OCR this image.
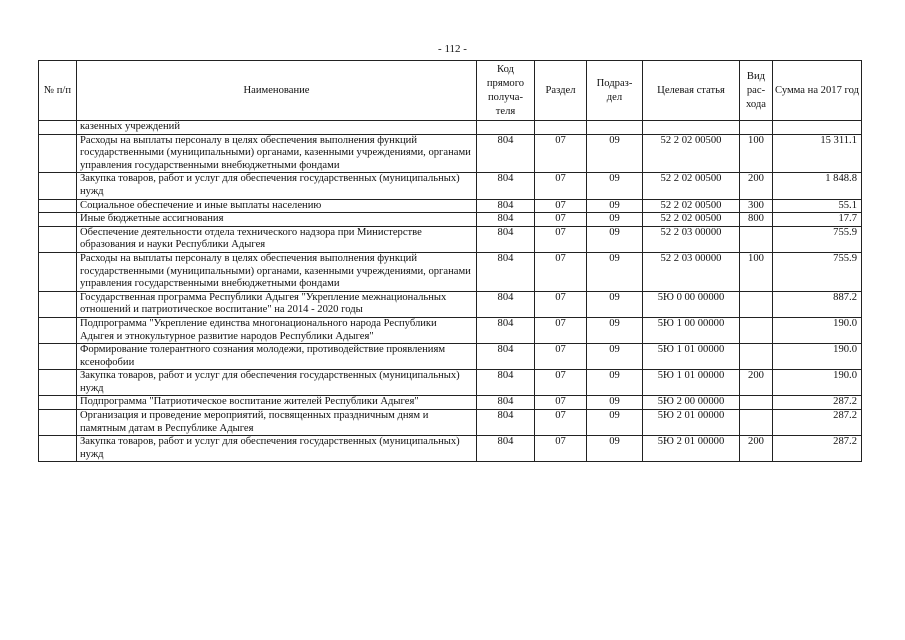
- 112 -
№ п/п	Наименование	Код прямого получа-теля	Раздел	Подраз-дел	Целевая статья	Вид рас-хода	Сумма на 2017 год
	казенных учреждений						
	Расходы на выплаты персоналу в целях обеспечения выполнения функций государственными (муниципальными) органами, казенными учреждениями, органами управления государственными внебюджетными фондами	804	07	09	52 2 02 00500	100	15 311.1
	Закупка товаров, работ и услуг для обеспечения государственных (муниципальных) нужд	804	07	09	52 2 02 00500	200	1 848.8
	Социальное обеспечение и иные выплаты населению	804	07	09	52 2 02 00500	300	55.1
	Иные бюджетные ассигнования	804	07	09	52 2 02 00500	800	17.7
	Обеспечение деятельности отдела технического надзора при Министерстве образования и науки Республики Адыгея	804	07	09	52 2 03 00000		755.9
	Расходы на выплаты персоналу в целях обеспечения выполнения функций государственными (муниципальными) органами, казенными учреждениями, органами управления государственными внебюджетными фондами	804	07	09	52 2 03 00000	100	755.9
	Государственная программа Республики Адыгея "Укрепление межнациональных отношений и патриотическое воспитание" на 2014 - 2020 годы	804	07	09	5Ю 0 00 00000		887.2
	Подпрограмма "Укрепление единства многонационального народа Республики Адыгея и этнокультурное развитие народов Республики Адыгея"	804	07	09	5Ю 1 00 00000		190.0
	Формирование толерантного сознания молодежи, противодействие проявлениям ксенофобии	804	07	09	5Ю 1 01 00000		190.0
	Закупка товаров, работ и услуг для обеспечения государственных (муниципальных) нужд	804	07	09	5Ю 1 01 00000	200	190.0
	Подпрограмма "Патриотическое воспитание жителей Республики Адыгея"	804	07	09	5Ю 2 00 00000		287.2
	Организация и проведение мероприятий, посвященных праздничным дням и памятным датам в Республике Адыгея	804	07	09	5Ю 2 01 00000		287.2
	Закупка товаров, работ и услуг для обеспечения государственных (муниципальных) нужд	804	07	09	5Ю 2 01 00000	200	287.2
